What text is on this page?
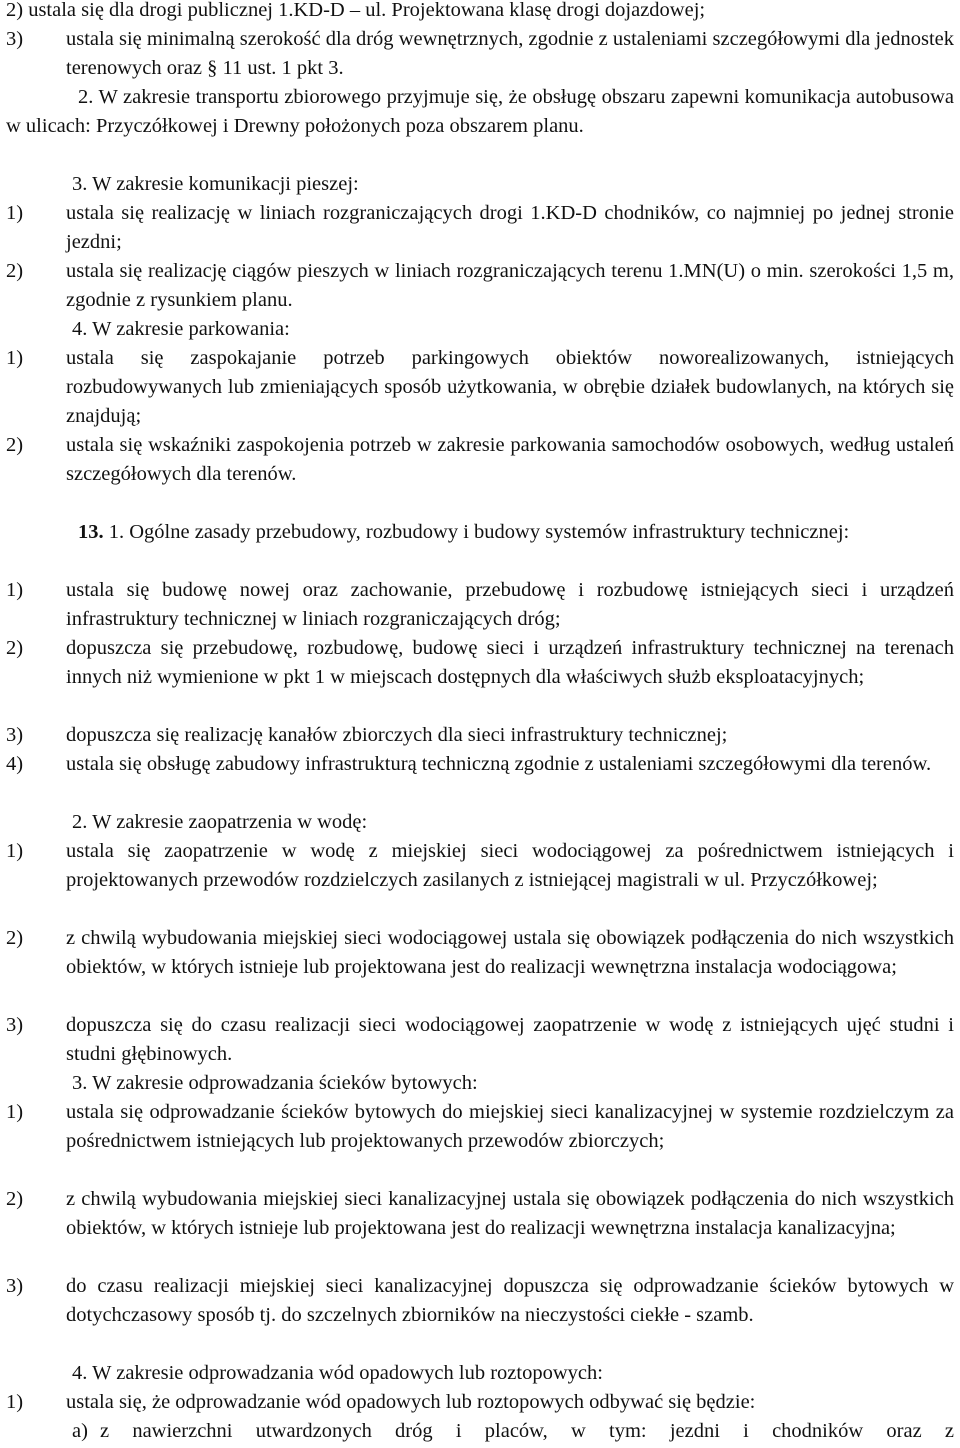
2) ustala się dla drogi publicznej 1.KD-D – ul. Projektowana klasę drogi dojazdowej;
3)	ustala się minimalną szerokość dla dróg wewnętrznych, zgodnie z ustaleniami szczegółowymi dla jednostek terenowych oraz § 11 ust. 1 pkt 3.
2. W zakresie transportu zbiorowego przyjmuje się, że obsługę obszaru zapewni komunikacja autobusowa w ulicach: Przyczółkowej i Drewny położonych poza obszarem planu.
3. W zakresie komunikacji pieszej:
1)	ustala się realizację w liniach rozgraniczających drogi 1.KD-D chodników, co najmniej po jednej stronie jezdni;
2)	ustala się realizację ciągów pieszych w liniach rozgraniczających terenu 1.MN(U) o min. szerokości 1,5 m, zgodnie z rysunkiem planu.
4. W zakresie parkowania:
1)	ustala się zaspokajanie potrzeb parkingowych obiektów noworealizowanych, istniejących rozbudowywanych lub zmieniających sposób użytkowania, w obrębie działek budowlanych, na których się znajdują;
2)	ustala się wskaźniki zaspokojenia potrzeb w zakresie parkowania samochodów osobowych, według ustaleń szczegółowych dla terenów.
13. 1. Ogólne zasady przebudowy, rozbudowy i budowy systemów infrastruktury technicznej:
1)	ustala się budowę nowej oraz zachowanie, przebudowę i rozbudowę istniejących sieci i urządzeń infrastruktury technicznej w liniach rozgraniczających dróg;
2)	dopuszcza się przebudowę, rozbudowę, budowę sieci i urządzeń infrastruktury technicznej na terenach innych niż wymienione w pkt 1 w miejscach dostępnych dla właściwych służb eksploatacyjnych;
3)	dopuszcza się realizację kanałów zbiorczych dla sieci infrastruktury technicznej;
4)	ustala się obsługę zabudowy infrastrukturą techniczną zgodnie z ustaleniami szczegółowymi dla terenów.
2. W zakresie zaopatrzenia w wodę:
1)	ustala się zaopatrzenie w wodę z miejskiej sieci wodociągowej za pośrednictwem istniejących i projektowanych przewodów rozdzielczych zasilanych z istniejącej magistrali w ul. Przyczółkowej;
2)	z chwilą wybudowania miejskiej sieci wodociągowej ustala się obowiązek podłączenia do nich wszystkich obiektów, w których istnieje lub projektowana jest do realizacji wewnętrzna instalacja wodociągowa;
3)	dopuszcza się do czasu realizacji sieci wodociągowej zaopatrzenie w wodę z istniejących ujęć studni i studni głębinowych.
3. W zakresie odprowadzania ścieków bytowych:
1)	ustala się odprowadzanie ścieków bytowych do miejskiej sieci kanalizacyjnej w systemie rozdzielczym za pośrednictwem istniejących lub projektowanych przewodów zbiorczych;
2)	z chwilą wybudowania miejskiej sieci kanalizacyjnej ustala się obowiązek podłączenia do nich wszystkich obiektów, w których istnieje lub projektowana jest do realizacji wewnętrzna instalacja kanalizacyjna;
3)	do czasu realizacji miejskiej sieci kanalizacyjnej dopuszcza się odprowadzanie ścieków bytowych w dotychczasowy sposób tj. do szczelnych zbiorników na nieczystości ciekłe - szamb.
4. W zakresie odprowadzania wód opadowych lub roztopowych:
1)	ustala się, że odprowadzanie wód opadowych lub roztopowych odbywać się będzie:
a) z nawierzchni utwardzonych dróg i placów, w tym: jezdni i chodników oraz z
